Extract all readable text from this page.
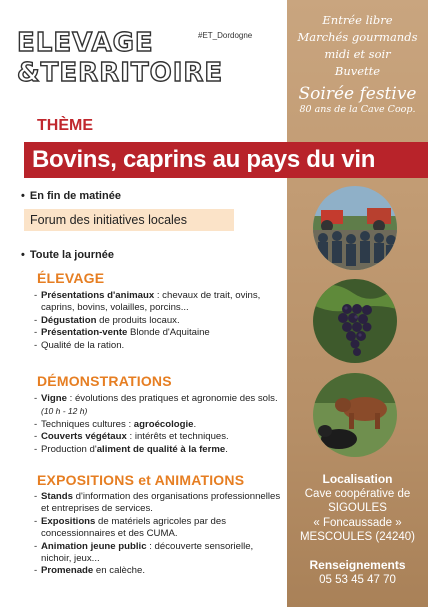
Entrée libre
Marchés gourmands
midi et soir
Buvette
Soirée festive
80 ans de la Cave Coop.
Localisation
Cave coopérative de
SIGOULES
« Foncaussade »
MESCOULES (24240)
Renseignements
05 53 45 47 70
ELEVAGE
&TERRITOIRE
#ET_Dordogne
THÈME
Bovins, caprins au pays du vin
• En fin de matinée
Forum des initiatives locales
• Toute la journée
ÉLEVAGE
- Présentations d'animaux : chevaux de trait, ovins, caprins, bovins, volailles, porcins...
- Dégustation de produits locaux.
- Présentation-vente Blonde d'Aquitaine
- Qualité de la ration.
DÉMONSTRATIONS
- Vigne : évolutions des pratiques et agronomie des sols. (10 h - 12 h)
- Techniques cultures : agroécologie.
- Couverts végétaux : intérêts et techniques.
- Production d'aliment de qualité à la ferme.
EXPOSITIONS et ANIMATIONS
- Stands d'information des organisations professionnelles et entreprises de services.
- Expositions de matériels agricoles par des concessionnaires et des CUMA.
- Animation jeune public : découverte sensorielle, nichoir, jeux...
- Promenade en calèche.
